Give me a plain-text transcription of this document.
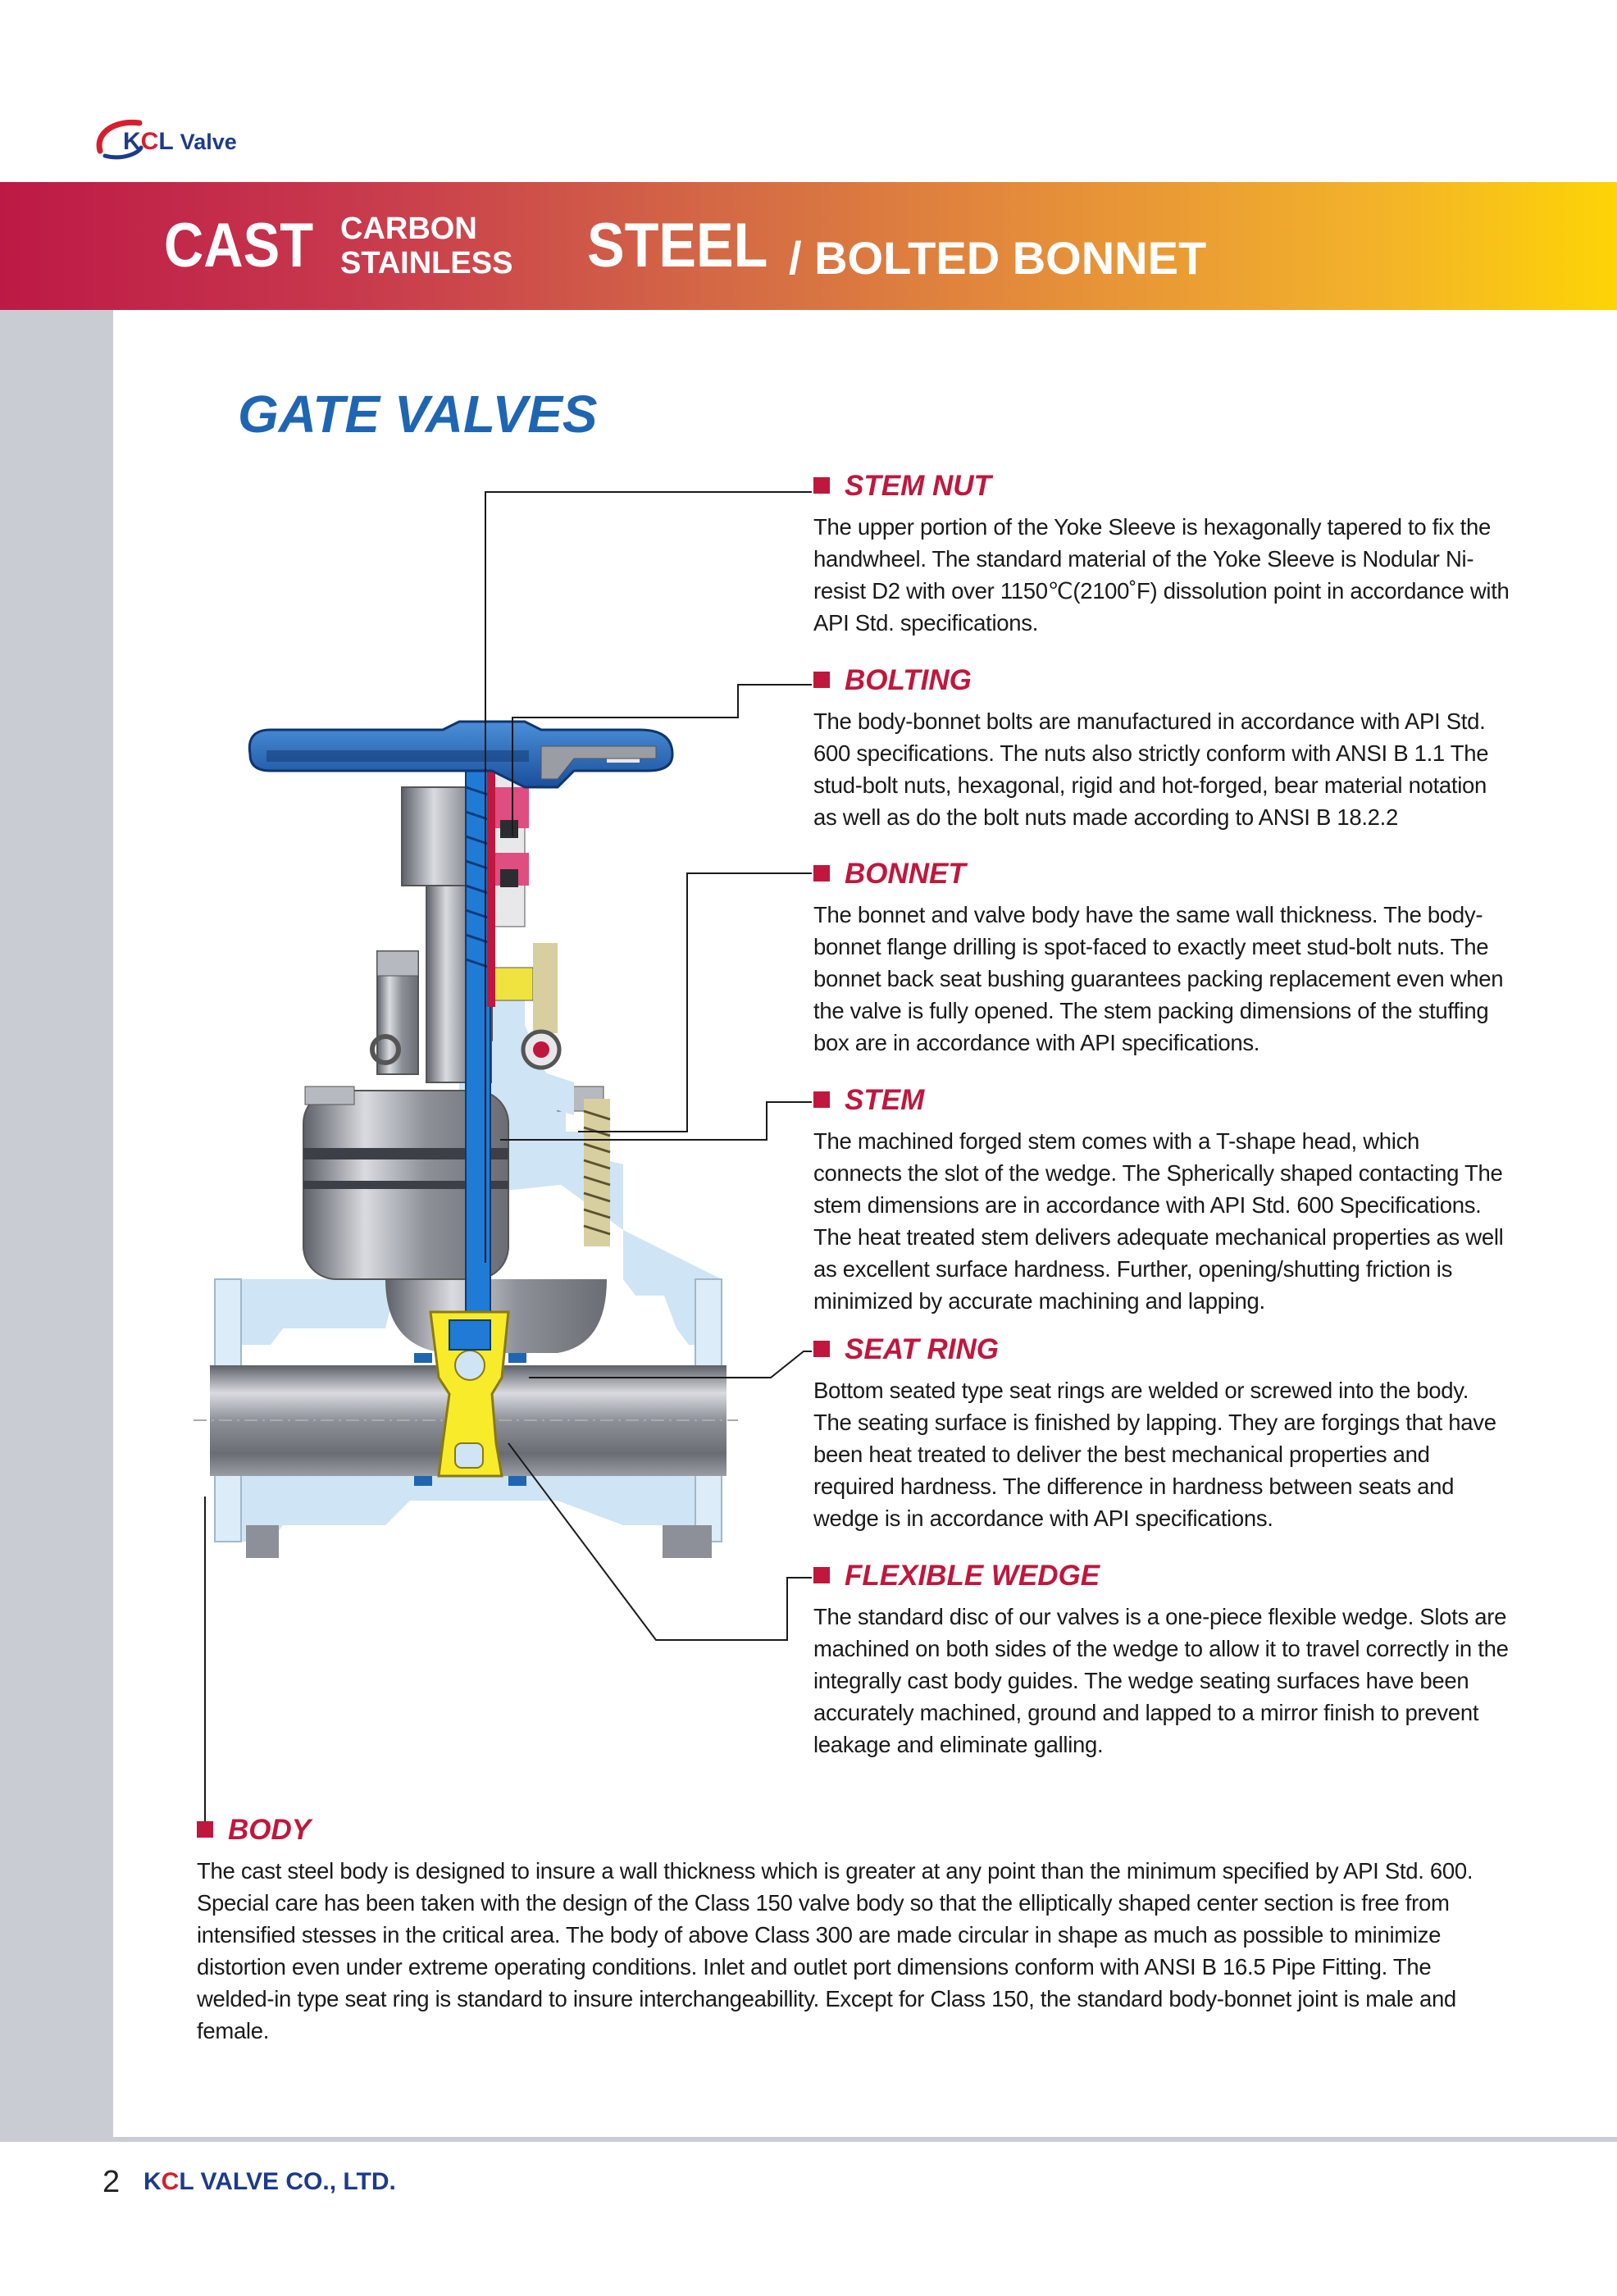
KCL Valve
CAST CARBON
STAINLESS STEEL / BOLTED BONNET
GATE VALVES
STEM NUT
The upper portion of the Yoke Sleeve is hexagonally tapered to fix the handwheel. The standard material of the Yoke Sleeve is Nodular Ni-resist D2 with over 1150℃(2100˚F) dissolution point in accordance with API Std. specifications.
BOLTING
The body-bonnet bolts are manufactured in accordance with API Std. 600 specifications. The nuts also strictly conform with ANSI B 1.1 The stud-bolt nuts, hexagonal, rigid and hot-forged, bear material notation as well as do the bolt nuts made according to ANSI B 18.2.2
BONNET
The bonnet and valve body have the same wall thickness. The body-bonnet flange drilling is spot-faced to exactly meet stud-bolt nuts. The bonnet back seat bushing guarantees packing replacement even when the valve is fully opened. The stem packing dimensions of the stuffing box are in accordance with API specifications.
STEM
The machined forged stem comes with a T-shape head, which connects the slot of the wedge. The Spherically shaped contacting The stem dimensions are in accordance with API Std. 600 Specifications. The heat treated stem delivers adequate mechanical properties as well as excellent surface hardness. Further, opening/shutting friction is minimized by accurate machining and lapping.
SEAT RING
Bottom seated type seat rings are welded or screwed into the body. The seating surface is finished by lapping. They are forgings that have been heat treated to deliver the best mechanical properties and required hardness. The difference in hardness between seats and wedge is in accordance with API specifications.
FLEXIBLE WEDGE
The standard disc of our valves is a one-piece flexible wedge. Slots are machined on both sides of the wedge to allow it to travel correctly in the integrally cast body guides. The wedge seating surfaces have been accurately machined, ground and lapped to a mirror finish to prevent leakage and eliminate galling.
BODY
The cast steel body is designed to insure a wall thickness which is greater at any point than the minimum specified by API Std. 600. Special care has been taken with the design of the Class 150 valve body so that the elliptically shaped center section is free from intensified stesses in the critical area. The body of above Class 300 are made circular in shape as much as possible to minimize distortion even under extreme operating conditions. Inlet and outlet port dimensions conform with ANSI B 16.5 Pipe Fitting. The welded-in type seat ring is standard to insure interchangeabillity. Except for Class 150, the standard body-bonnet joint is male and female.
2 KCL VALVE CO., LTD.
